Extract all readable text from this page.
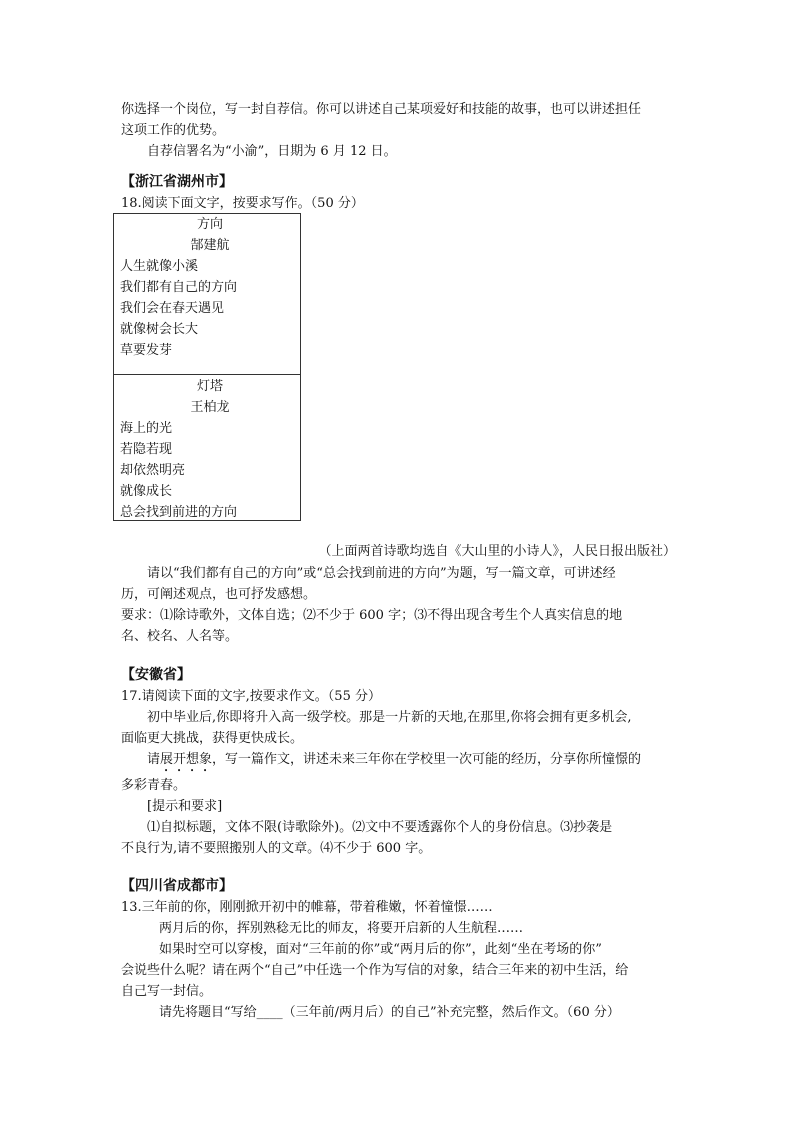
你选择一个岗位，写一封自荐信。你可以讲述自己某项爱好和技能的故事，也可以讲述担任

这项工作的优势。

自荐信署名为“小渝”，日期为 6 月 12 日。

【浙江省湖州市】

18.阅读下面文字，按要求写作。（50 分）

方向

郜建航

人生就像小溪

我们都有自己的方向

我们会在春天遇见

就像树会长大

草要发芽

灯塔

王柏龙

海上的光

若隐若现

却依然明亮

就像成长

总会找到前进的方向

（上面两首诗歌均选自《大山里的小诗人》，人民日报出版社）

请以“我们都有自己的方向”或“总会找到前进的方向”为题，写一篇文章，可讲述经

历，可阐述观点，也可抒发感想。

要求：⑴除诗歌外，文体自选；⑵不少于 600 字；⑶不得出现含考生个人真实信息的地

名、校名、人名等。

【安徽省】

17.请阅读下面的文字,按要求作文。（55 分）

初中毕业后,你即将升入高一级学校。那是一片新的天地,在那里,你将会拥有更多机会,

面临更大挑战，获得更快成长。

请展开想象，写一篇作文，讲述未来三年你在学校里一次可能的经历，分享你所憧憬的

多彩青春。

[提示和要求]

⑴自拟标题，文体不限(诗歌除外)。⑵文中不要透露你个人的身份信息。⑶抄袭是

不良行为,请不要照搬别人的文章。⑷不少于 600 字。

【四川省成都市】

13.三年前的你，刚刚掀开初中的帷幕，带着稚嫩，怀着憧憬……

两月后的你，挥别熟稔无比的师友，将要开启新的人生航程……

如果时空可以穿梭，面对“三年前的你”或“两月后的你”，此刻“坐在考场的你”

会说些什么呢？请在两个“自己”中任选一个作为写信的对象，结合三年来的初中生活，给

自己写一封信。

请先将题目“写给____（三年前/两月后）的自己”补充完整，然后作文。（60 分）
